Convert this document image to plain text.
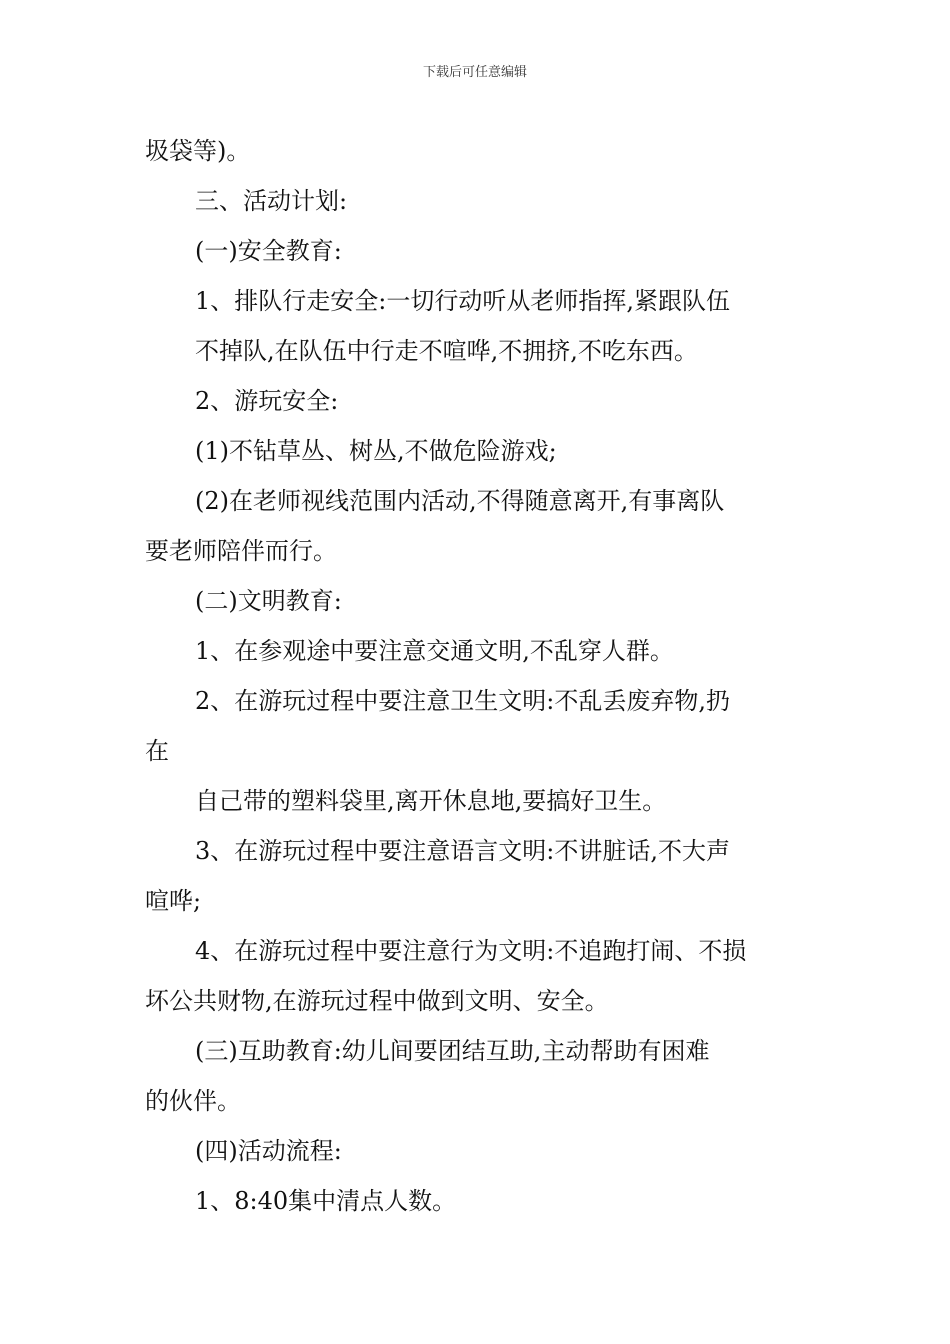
下载后可任意编辑
圾袋等)。
三、活动计划:
(一)安全教育:
1、排队行走安全:一切行动听从老师指挥,紧跟队伍
不掉队,在队伍中行走不喧哗,不拥挤,不吃东西。
2、游玩安全:
(1)不钻草丛、树丛,不做危险游戏;
(2)在老师视线范围内活动,不得随意离开,有事离队
要老师陪伴而行。
(二)文明教育:
1、在参观途中要注意交通文明,不乱穿人群。
2、在游玩过程中要注意卫生文明:不乱丢废弃物,扔
在
自己带的塑料袋里,离开休息地,要搞好卫生。
3、在游玩过程中要注意语言文明:不讲脏话,不大声
喧哗;
4、在游玩过程中要注意行为文明:不追跑打闹、不损
坏公共财物,在游玩过程中做到文明、安全。
(三)互助教育:幼儿间要团结互助,主动帮助有困难
的伙伴。
(四)活动流程:
1、8:40集中清点人数。
